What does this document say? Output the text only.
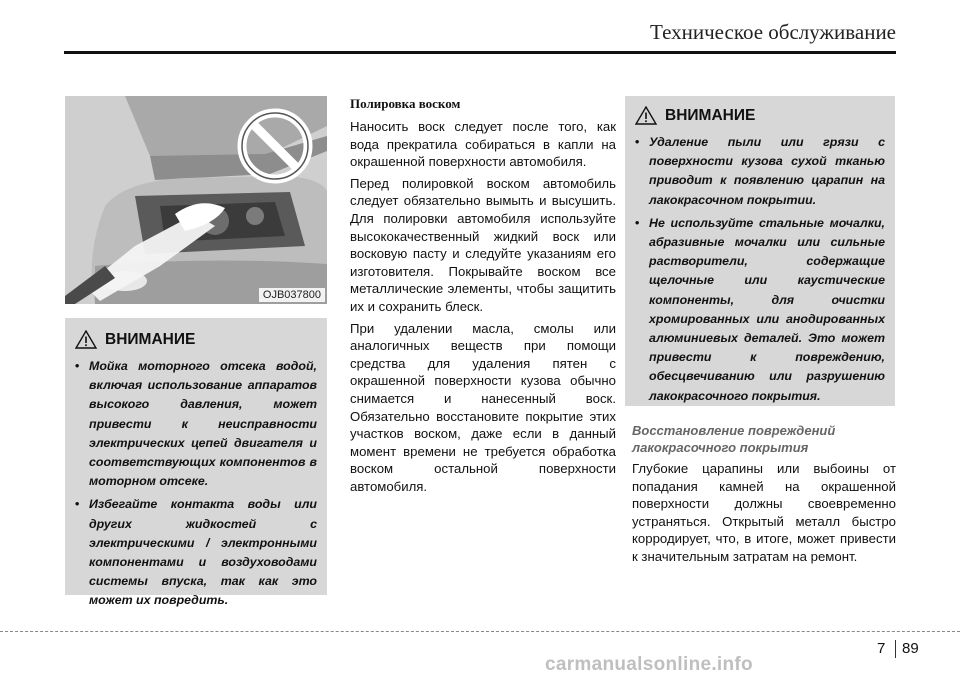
Техническое обслуживание
OJB037800
ВНИМАНИЕ
• Мойка моторного отсека водой, включая использование аппаратов высокого давления, может привести к неисправности электрических цепей двигателя и соответствующих компонентов в моторном отсеке.
• Избегайте контакта воды или других жидкостей с электрическими / электронными компонентами и воздуховодами системы впуска, так как это может их повредить.
Полировка воском

Наносить воск следует после того, как вода прекратила собираться в капли на окрашенной поверхности автомобиля.

Перед полировкой воском автомобиль следует обязательно вымыть и высушить. Для полировки автомобиля используйте высококачественный жидкий воск или восковую пасту и следуйте указаниям его изготовителя. Покрывайте воском все металлические элементы, чтобы защитить их и сохранить блеск.

При удалении масла, смолы или аналогичных веществ при помощи средства для удаления пятен с окрашенной поверхности кузова обычно снимается и нанесенный воск. Обязательно восстановите покрытие этих участков воском, даже если в данный момент времени не требуется обработка воском остальной поверхности автомобиля.

ВНИМАНИЕ
• Удаление пыли или грязи с поверхности кузова сухой тканью приводит к появлению царапин на лакокрасочном покрытии.
• Не используйте стальные мочалки, абразивные мочалки или сильные растворители, содержащие щелочные или каустические компоненты, для очистки хромированных или анодированных алюминиевых деталей. Это может привести к повреждению, обесцвечиванию или разрушению лакокрасочного покрытия.
Восстановление повреждений лакокрасочного покрытия

Глубокие царапины или выбоины от попадания камней на окрашенной поверхности должны своевременно устраняться. Открытый металл быстро корродирует, что, в итоге, может привести к значительным затратам на ремонт.

7 89
carmanualsonline.info
